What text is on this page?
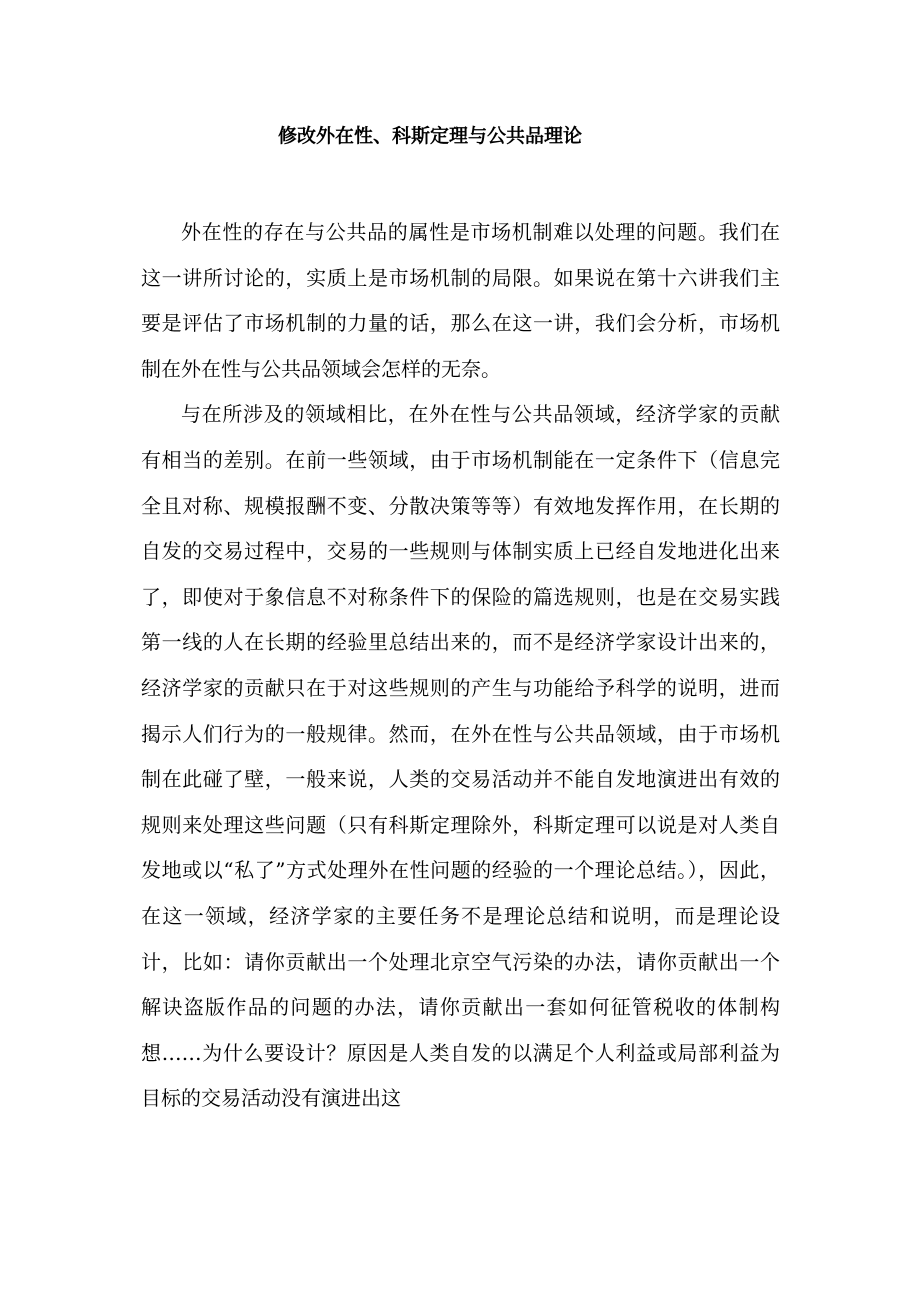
修改外在性、科斯定理与公共品理论

外在性的存在与公共品的属性是市场机制难以处理的问题。我们在这一讲所讨论的，实质上是市场机制的局限。如果说在第十六讲我们主要是评估了市场机制的力量的话，那么在这一讲，我们会分析，市场机制在外在性与公共品领域会怎样的无奈。

与在所涉及的领域相比，在外在性与公共品领域，经济学家的贡献有相当的差别。在前一些领域，由于市场机制能在一定条件下（信息完全且对称、规模报酬不变、分散决策等等）有效地发挥作用，在长期的自发的交易过程中，交易的一些规则与体制实质上已经自发地进化出来了，即使对于象信息不对称条件下的保险的篇选规则，也是在交易实践第一线的人在长期的经验里总结出来的，而不是经济学家设计出来的，经济学家的贡献只在于对这些规则的产生与功能给予科学的说明，进而揭示人们行为的一般规律。然而，在外在性与公共品领域，由于市场机制在此碰了壁，一般来说，人类的交易活动并不能自发地演进出有效的规则来处理这些问题（只有科斯定理除外，科斯定理可以说是对人类自发地或以“私了”方式处理外在性问题的经验的一个理论总结。），因此，在这一领域，经济学家的主要任务不是理论总结和说明，而是理论设计，比如：请你贡献出一个处理北京空气污染的办法，请你贡献出一个解诀盗版作品的问题的办法，请你贡献出一套如何征管税收的体制构想……为什么要设计？原因是人类自发的以满足个人利益或局部利益为目标的交易活动没有演进出这
